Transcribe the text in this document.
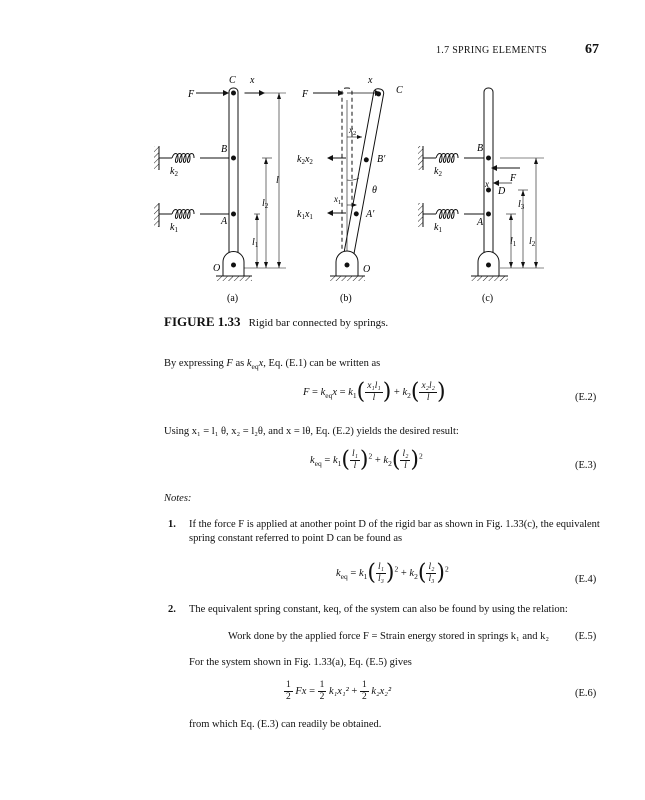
1.7 SPRING ELEMENTS	67
F
C x
B
A
$k_2$
$k_1$
O
l
$l_2$
$l_1$
(a)
F
x
C
$x_2$
$k_2x_2$	B′
θ
$x_1$
$k_1x_1$	A′
O
(b)
B
A
F
D
x
$k_2$
$k_1$
$l_3$
$l_1$ $l_2$
(c)
FIGURE 1.33 Rigid bar connected by springs.
By expressing F as $k_{eq}x$, Eq. (E.1) can be written as
$F = k_{eq}x = k_1( \frac{\text{x₁l₁}}{l}$ ) + $k_2( \frac{\text{x₂l₂}}{l}$ )	(E.2)
Using x₁ = l₁ θ, x₂ = l₂θ, and x = lθ, Eq. (E.2) yields the desired result:
$k_{eq} = k_1( \frac{\text{l₁}}{l} )^2 + k_2( \frac{\text{l₂}}{l} )^2$
(E.3)
Notes:
1. If the force F is applied at another point D of the rigid bar as shown in Fig. 1.33(c), the equivalent spring constant referred to point D can be found as
$k_{eq} = k_1( \frac{\text{l₁}}{\text{l₃}} )^2 + k_2( \frac{\text{l₂}}{\text{l₃}} )^2$
(E.4)
2. The equivalent spring constant, keq, of the system can also be found by using the relation:
Work done by the applied force F = Strain energy stored in springs k₁ and k₂ (E.5)
For the system shown in Fig. 1.33(a), Eq. (E.5) gives
$\frac{1}{2}$ $Fx = \frac{1}{2} k_1x_1^2 + \frac{1}{2} k_2x_2^2$	(E.6)
from which Eq. (E.3) can readily be obtained.
